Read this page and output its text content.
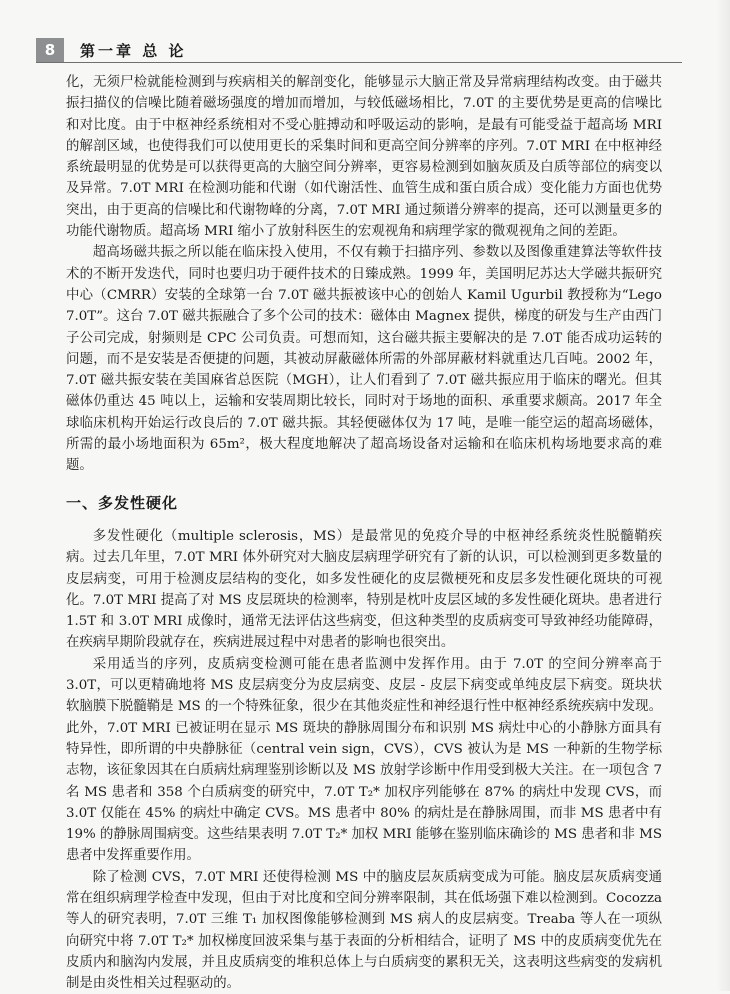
8	第一章 总 论

化，无须尸检就能检测到与疾病相关的解剖变化，能够显示大脑正常及异常病理结构改变。由于磁共振扫描仪的信噪比随着磁场强度的增加而增加，与较低磁场相比，7.0T 的主要优势是更高的信噪比和对比度。由于中枢神经系统相对不受心脏搏动和呼吸运动的影响，是最有可能受益于超高场 MRI 的解剖区域，也使得我们可以使用更长的采集时间和更高空间分辨率的序列。7.0T MRI 在中枢神经系统最明显的优势是可以获得更高的大脑空间分辨率，更容易检测到如脑灰质及白质等部位的病变以及异常。7.0T MRI 在检测功能和代谢（如代谢活性、血管生成和蛋白质合成）变化能力方面也优势突出，由于更高的信噪比和代谢物峰的分离，7.0T MRI 通过频谱分辨率的提高，还可以测量更多的功能代谢物质。超高场 MRI 缩小了放射科医生的宏观视角和病理学家的微观视角之间的差距。

超高场磁共振之所以能在临床投入使用，不仅有赖于扫描序列、参数以及图像重建算法等软件技术的不断开发迭代，同时也要归功于硬件技术的日臻成熟。1999 年，美国明尼苏达大学磁共振研究中心（CMRR）安装的全球第一台 7.0T 磁共振被该中心的创始人 Kamil Ugurbil 教授称为“Lego 7.0T”。这台 7.0T 磁共振融合了多个公司的技术：磁体由 Magnex 提供，梯度的研发与生产由西门子公司完成，射频则是 CPC 公司负责。可想而知，这台磁共振主要解决的是 7.0T 能否成功运转的问题，而不是安装是否便捷的问题，其被动屏蔽磁体所需的外部屏蔽材料就重达几百吨。2002 年，7.0T 磁共振安装在美国麻省总医院（MGH），让人们看到了 7.0T 磁共振应用于临床的曙光。但其磁体仍重达 45 吨以上，运输和安装周期比较长，同时对于场地的面积、承重要求颇高。2017 年全球临床机构开始运行改良后的 7.0T 磁共振。其轻便磁体仅为 17 吨，是唯一能空运的超高场磁体，所需的最小场地面积为 65m²，极大程度地解决了超高场设备对运输和在临床机构场地要求高的难题。

一、多发性硬化

多发性硬化（multiple sclerosis，MS）是最常见的免疫介导的中枢神经系统炎性脱髓鞘疾病。过去几年里，7.0T MRI 体外研究对大脑皮层病理学研究有了新的认识，可以检测到更多数量的皮层病变，可用于检测皮层结构的变化，如多发性硬化的皮层微梗死和皮层多发性硬化斑块的可视化。7.0T MRI 提高了对 MS 皮层斑块的检测率，特别是枕叶皮层区域的多发性硬化斑块。患者进行 1.5T 和 3.0T MRI 成像时，通常无法评估这些病变，但这种类型的皮质病变可导致神经功能障碍，在疾病早期阶段就存在，疾病进展过程中对患者的影响也很突出。

采用适当的序列，皮质病变检测可能在患者监测中发挥作用。由于 7.0T 的空间分辨率高于 3.0T，可以更精确地将 MS 皮层病变分为皮层病变、皮层 - 皮层下病变或单纯皮层下病变。斑块状软脑膜下脱髓鞘是 MS 的一个特殊征象，很少在其他炎症性和神经退行性中枢神经系统疾病中发现。此外，7.0T MRI 已被证明在显示 MS 斑块的静脉周围分布和识别 MS 病灶中心的小静脉方面具有特异性，即所谓的中央静脉征（central vein sign，CVS），CVS 被认为是 MS 一种新的生物学标志物，该征象因其在白质病灶病理鉴别诊断以及 MS 放射学诊断中作用受到极大关注。在一项包含 7 名 MS 患者和 358 个白质病变的研究中，7.0T T₂* 加权序列能够在 87% 的病灶中发现 CVS，而 3.0T 仅能在 45% 的病灶中确定 CVS。MS 患者中 80% 的病灶是在静脉周围，而非 MS 患者中有 19% 的静脉周围病变。这些结果表明 7.0T T₂* 加权 MRI 能够在鉴别临床确诊的 MS 患者和非 MS 患者中发挥重要作用。

除了检测 CVS，7.0T MRI 还使得检测 MS 中的脑皮层灰质病变成为可能。脑皮层灰质病变通常在组织病理学检查中发现，但由于对比度和空间分辨率限制，其在低场强下难以检测到。Cocozza 等人的研究表明，7.0T 三维 T₁ 加权图像能够检测到 MS 病人的皮层病变。Treaba 等人在一项纵向研究中将 7.0T T₂* 加权梯度回波采集与基于表面的分析相结合，证明了 MS 中的皮质病变优先在皮质内和脑沟内发展，并且皮质病变的堆积总体上与白质病变的累积无关，这表明这些病变的发病机制是由炎性相关过程驱动的。
